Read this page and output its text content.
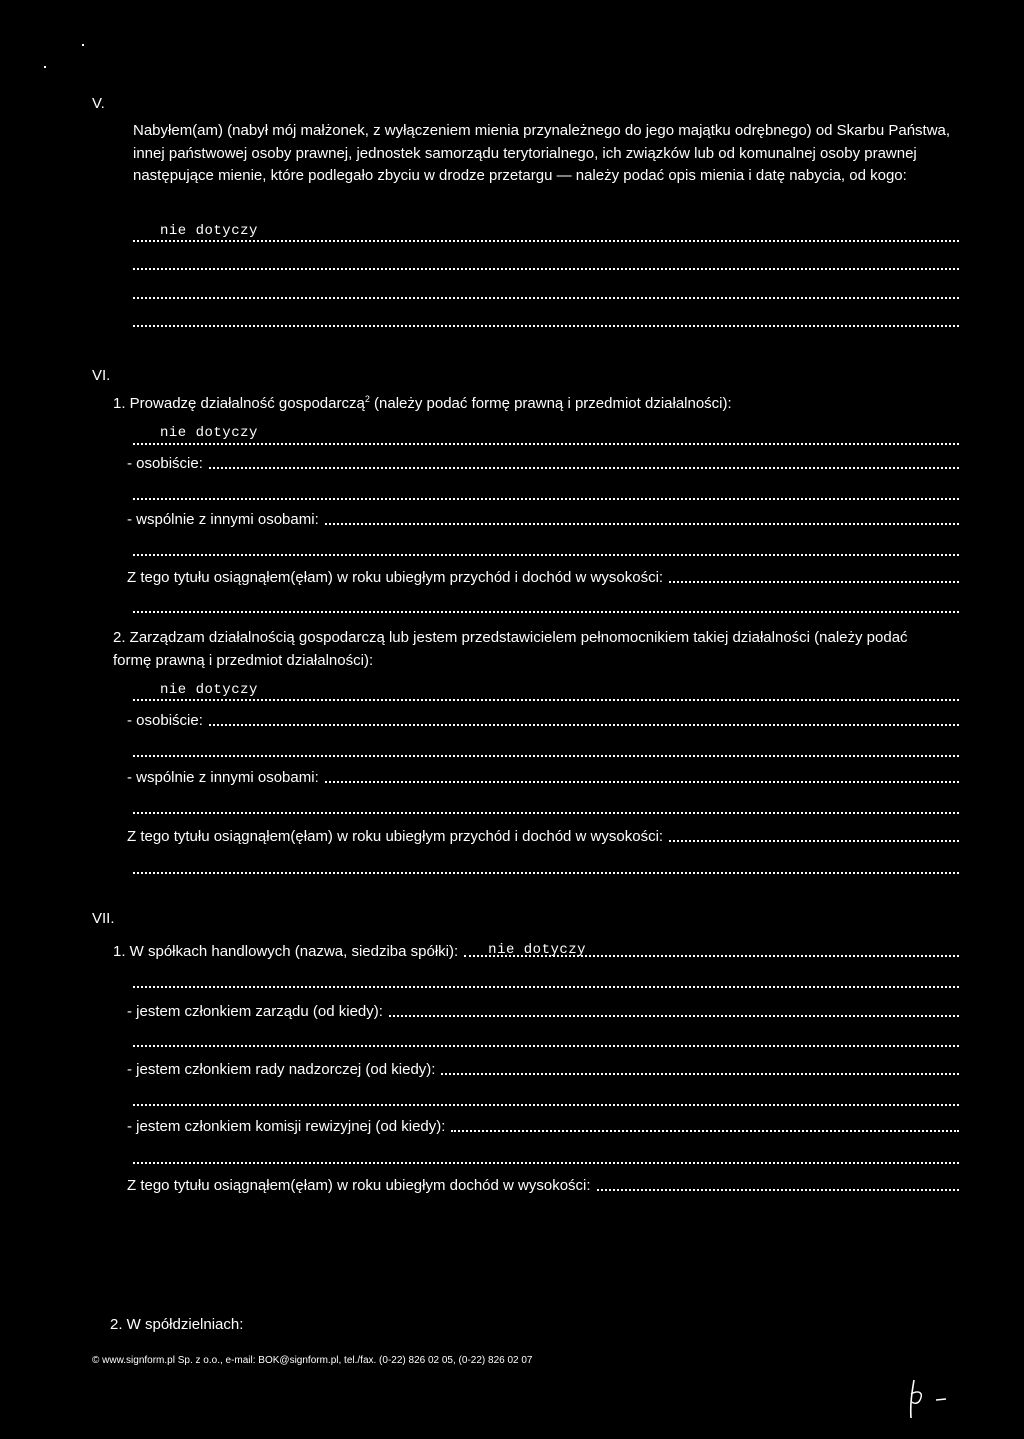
V.
Nabyłem(am) (nabył mój małżonek, z wyłączeniem mienia przynależnego do jego majątku odrębnego) od Skarbu Państwa, innej państwowej osoby prawnej, jednostek samorządu terytorialnego, ich związków lub od komunalnej osoby prawnej następujące mienie, które podlegało zbyciu w drodze przetargu — należy podać opis mienia i datę nabycia, od kogo:
nie dotyczy
VI.
1. Prowadzę działalność gospodarczą$^2$ (należy podać formę prawną i przedmiot działalności):
nie dotyczy
- osobiście:
- wspólnie z innymi osobami:
Z tego tytułu osiągnąłem(ęłam) w roku ubiegłym przychód i dochód w wysokości:
2. Zarządzam działalnością gospodarczą lub jestem przedstawicielem pełnomocnikiem takiej działalności (należy podać formę prawną i przedmiot działalności):
nie dotyczy
- osobiście:
- wspólnie z innymi osobami:
Z tego tytułu osiągnąłem(ęłam) w roku ubiegłym przychód i dochód w wysokości:
VII.
1. W spółkach handlowych (nazwa, siedziba spółki):	nie dotyczy
- jestem członkiem zarządu (od kiedy):
- jestem członkiem rady nadzorczej (od kiedy):
- jestem członkiem komisji rewizyjnej (od kiedy):
Z tego tytułu osiągnąłem(ęłam) w roku ubiegłym dochód w wysokości:
2. W spółdzielniach:
© www.signform.pl Sp. z o.o., e-mail: BOK@signform.pl, tel./fax. (0-22) 826 02 05, (0-22) 826 02 07
